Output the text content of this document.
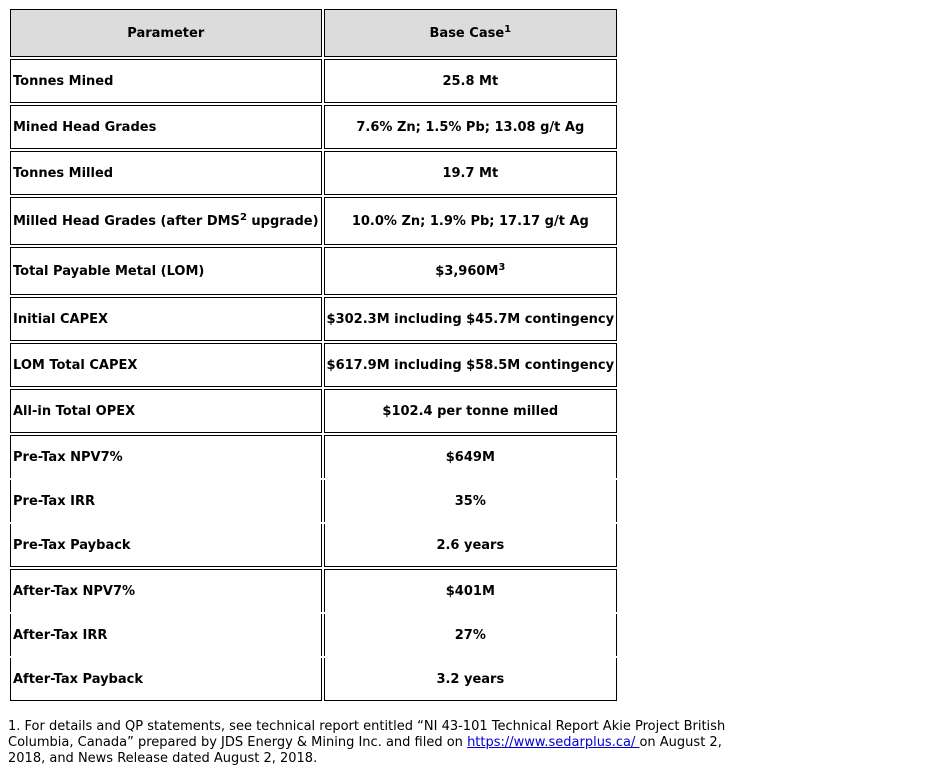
Parameter	Base Case$^1$
Tonnes Mined	25.8 Mt
Mined Head Grades	7.6% Zn; 1.5% Pb; 13.08 g/t Ag
Tonnes Milled	19.7 Mt
Milled Head Grades (after DMS$^2$ upgrade)	10.0% Zn; 1.9% Pb; 17.17 g/t Ag
Total Payable Metal (LOM)	$\$3,960M^3$
Initial CAPEX	$302.3M including $45.7M contingency
LOM Total CAPEX	$617.9M including $58.5M contingency
All-in Total OPEX	$102.4 per tonne milled
Pre-Tax NPV7%	$649M
Pre-Tax IRR	35%
Pre-Tax Payback	2.6 years
After-Tax NPV7%	$401M
After-Tax IRR	27%
After-Tax Payback	3.2 years

1. For details and QP statements, see technical report entitled “NI 43-101 Technical Report Akie Project British Columbia, Canada” prepared by JDS Energy & Mining Inc. and filed on https://www.sedarplus.ca/ on August 2, 2018, and News Release dated August 2, 2018.
